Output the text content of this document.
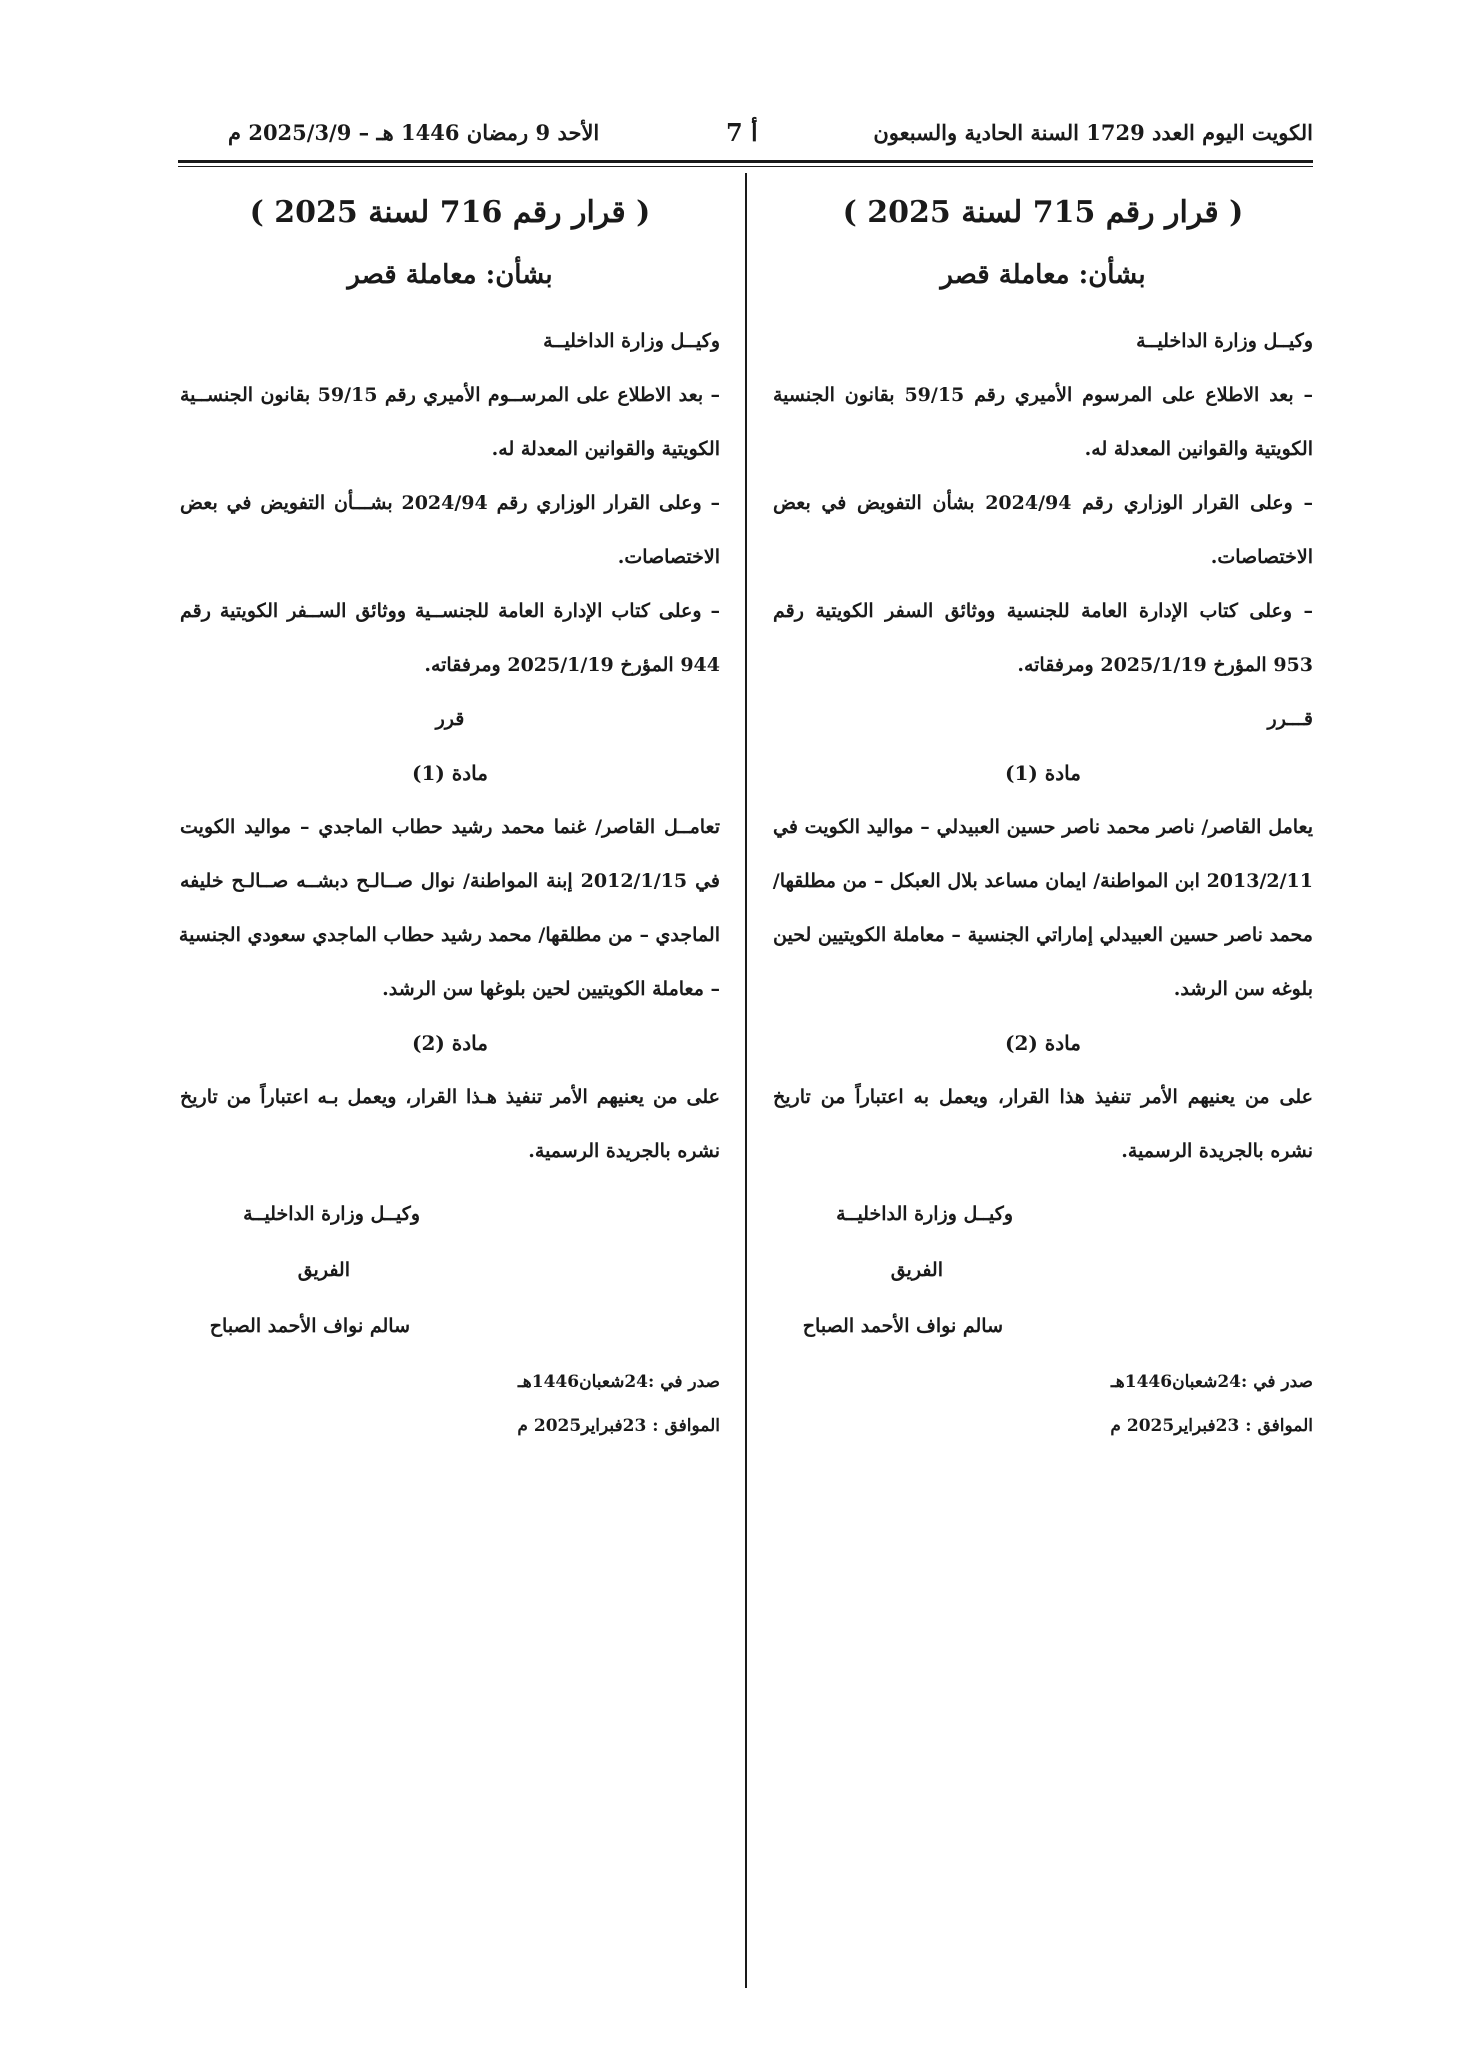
الكويت اليوم العدد 1729 السنة الحادية والسبعون
أ 7
الأحد 9 رمضان 1446 هـ – 2025/3/9 م
( قرار رقم 715 لسنة 2025 )
بشأن: معاملة قصر
وكيــل وزارة الداخليــة
– بعد الاطلاع على المرسوم الأميري رقم 59/15 بقانون الجنسية
الكويتية والقوانين المعدلة له.
– وعلى القرار الوزاري رقم 2024/94 بشأن التفويض في بعض
الاختصاصات.
– وعلى كتاب الإدارة العامة للجنسية ووثائق السفر الكويتية رقم
953 المؤرخ 2025/1/19 ومرفقاته.
قـــرر
مادة (1)
يعامل القاصر/ ناصر محمد ناصر حسين العبيدلي – مواليد الكويت في
2013/2/11 ابن المواطنة/ ايمان مساعد بلال العبكل – من مطلقها/
محمد ناصر حسين العبيدلي إماراتي الجنسية – معاملة الكويتيين لحين
بلوغه سن الرشد.
مادة (2)
على من يعنيهم الأمر تنفيذ هذا القرار، ويعمل به اعتباراً من تاريخ
نشره بالجريدة الرسمية.
وكيــل وزارة الداخليــة
الفريق
سالم نواف الأحمد الصباح
صدر في :24شعبان1446هـ
الموافق : 23فبراير2025 م
( قرار رقم 716 لسنة 2025 )
بشأن: معاملة قصر
وكيــل وزارة الداخليــة
– بعد الاطلاع على المرســوم الأميري رقم 59/15 بقانون الجنســية
الكويتية والقوانين المعدلة له.
– وعلى القرار الوزاري رقم 2024/94 بشـــأن التفويض في بعض
الاختصاصات.
– وعلى كتاب الإدارة العامة للجنســية ووثائق الســفر الكويتية رقم
944 المؤرخ 2025/1/19 ومرفقاته.
قرر
مادة (1)
تعامــل القاصر/ غنما محمد رشيد حطاب الماجدي – مواليد الكويت
في 2012/1/15 إبنة المواطنة/ نوال صــالـح دبشــه صــالـح خليفه
الماجدي – من مطلقها/ محمد رشيد حطاب الماجدي سعودي الجنسية
– معاملة الكويتيين لحين بلوغها سن الرشد.
مادة (2)
على من يعنيهم الأمر تنفيذ هـذا القرار، ويعمل بـه اعتباراً من تاريخ
نشره بالجريدة الرسمية.
وكيــل وزارة الداخليــة
الفريق
سالم نواف الأحمد الصباح
صدر في :24شعبان1446هـ
الموافق : 23فبراير2025 م
